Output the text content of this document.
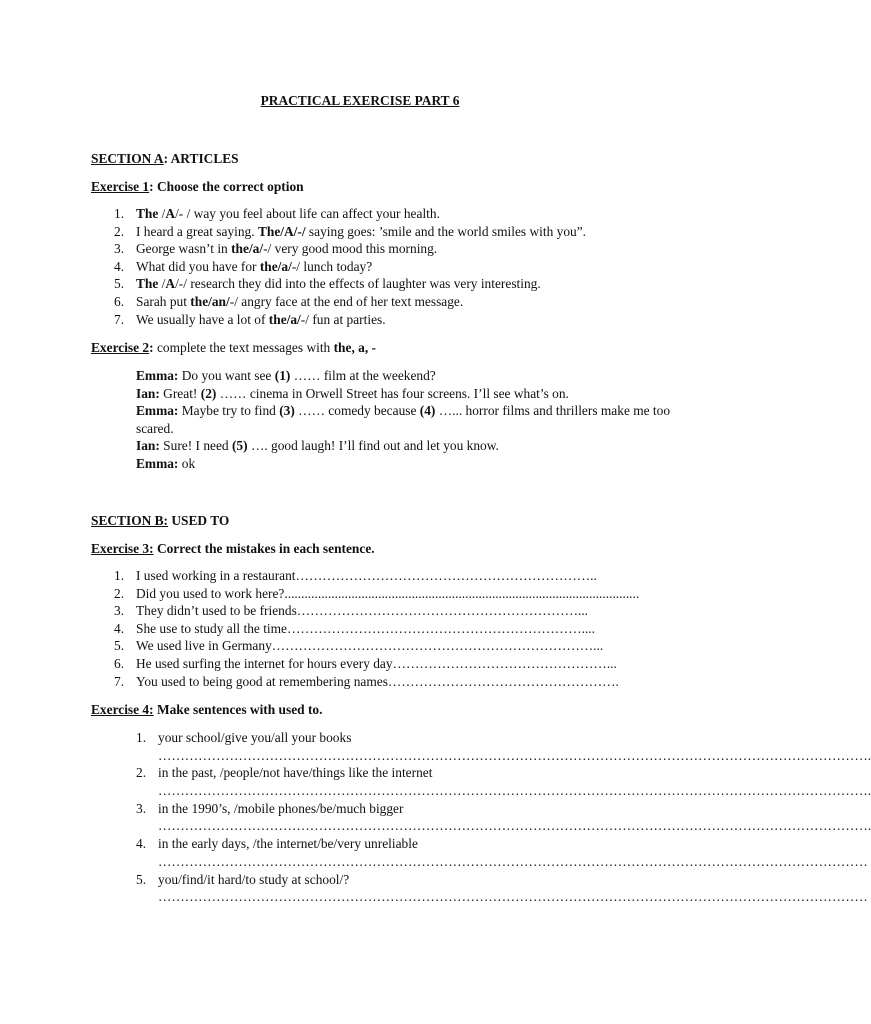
PRACTICAL EXERCISE PART 6
SECTION A: ARTICLES
Exercise 1: Choose the correct option
1. The /A/- / way you feel about life can affect your health.
2. I heard a great saying. The/A/-/ saying goes: ’smile and the world smiles with you”.
3. George wasn’t in the/a/-/ very good mood this morning.
4. What did you have for the/a/-/ lunch today?
5. The /A/-/ research they did into the effects of laughter was very interesting.
6. Sarah put the/an/-/ angry face at the end of her text message.
7. We usually have a lot of the/a/-/ fun at parties.
Exercise 2: complete the text messages with the, a, -

Emma: Do you want see (1) …… film at the weekend?

Ian: Great! (2) …… cinema in Orwell Street has four screens. I’ll see what’s on.

Emma: Maybe try to find (3) …… comedy because (4) …... horror films and thrillers make me too scared.

Ian: Sure! I need (5) …. good laugh! I’ll find out and let you know.

Emma: ok

SECTION B: USED TO
Exercise 3: Correct the mistakes in each sentence.
1. I used working in a restaurant…………………………………………………………..
2. Did you used to work here?..........................................................................................................
3. They didn’t used to be friends………………………………………………………...
4. She use to study all the time…………………………………………………………....
5. We used live in Germany………………………………………………………………...
6. He used surfing the internet for hours every day…………………………………………...
7. You used to being good at remembering names…………………………………………….
Exercise 4: Make sentences with used to.
1. your school/give you/all your books
…………………………………………………………………………………………………………………………………………….
2. in the past, /people/not have/things like the internet
…………………………………………………………………………………………………………………………………………….
3. in the 1990’s, /mobile phones/be/much bigger
…………………………………………………………………………………………………………………………………………….
4. in the early days, /the internet/be/very unreliable
……………………………………………………………………………………………………………………………………………
5. you/find/it hard/to study at school/?
……………………………………………………………………………………………………………………………………………
